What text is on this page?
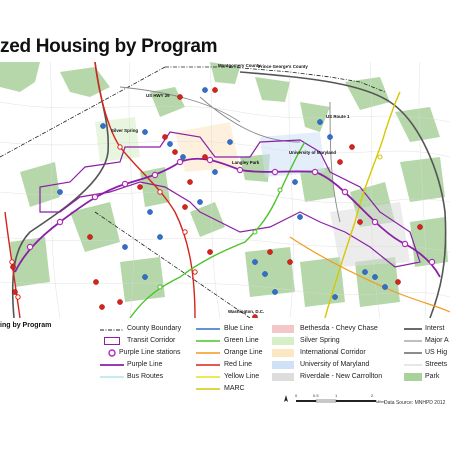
zed Housing by Program
Montgomery County
Prince George's County
US HWY 29
US Route 1
Silver Spring
Langley Park
University of Maryland
Washington, D.C.
ing by Program	County Boundary
Transit Corridor
Purple Line stations
Purple Line
Bus Routes
Blue Line
Green Line
Orange Line
Red Line
Yellow Line
MARC
Bethesda - Chevy Chase
Silver Spring
International Corridor
University of Maryland
Riverdale - New Carrollton
Interst
Major A
US Hig
Streets
Park
0	0.5	1	2
Miles
Data Source: MNHPD 2012
